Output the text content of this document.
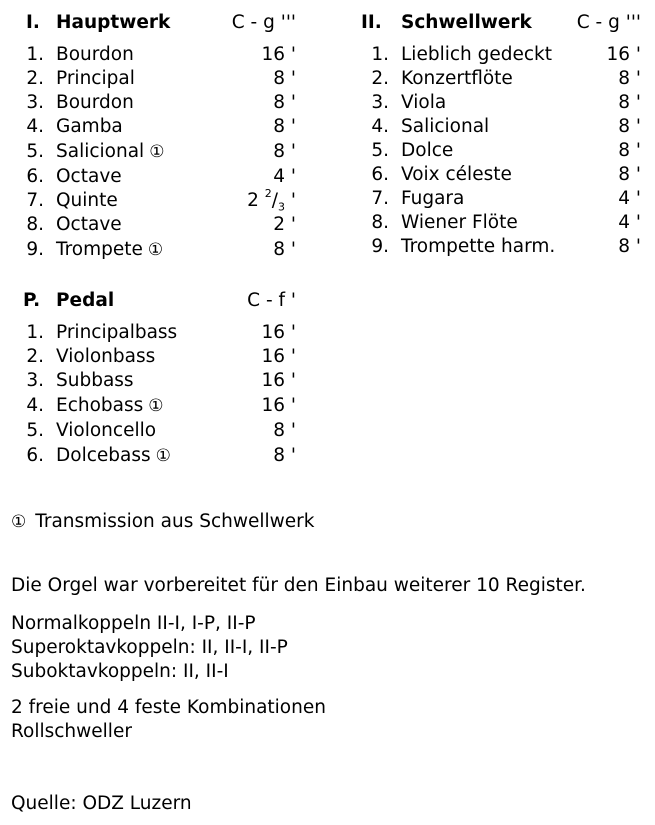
I. Hauptwerk	C - g '''
1. Bourdon	16 '
2. Principal	8 '
3. Bourdon	8 '
4. Gamba	8 '
5. Salicional ①	8 '
6. Octave	4 '
7. Quinte	2 $^2/_3$ '
8. Octave	2 '
9. Trompete ①	8 '
II. Schwellwerk C - g '''
1. Lieblich gedeckt	16 '
2. Konzertflöte	8 '
3. Viola	8 '
4. Salicional	8 '
5. Dolce	8 '
6. Voix céleste	8 '
7. Fugara	4 '
8. Wiener Flöte	4 '
9. Trompette harm.	8 '
P. Pedal	C - f '
1. Principalbass	16 '
2. Violonbass	16 '
3. Subbass	16 '
4. Echobass ①	16 '
5. Violoncello	8 '
6. Dolcebass ①	8 '
① Transmission aus Schwellwerk
Die Orgel war vorbereitet für den Einbau weiterer 10 Register.
Normalkoppeln II-I, I-P, II-P
Superoktavkoppeln: II, II-I, II-P
Suboktavkoppeln: II, II-I
2 freie und 4 feste Kombinationen
Rollschweller
Quelle: ODZ Luzern
